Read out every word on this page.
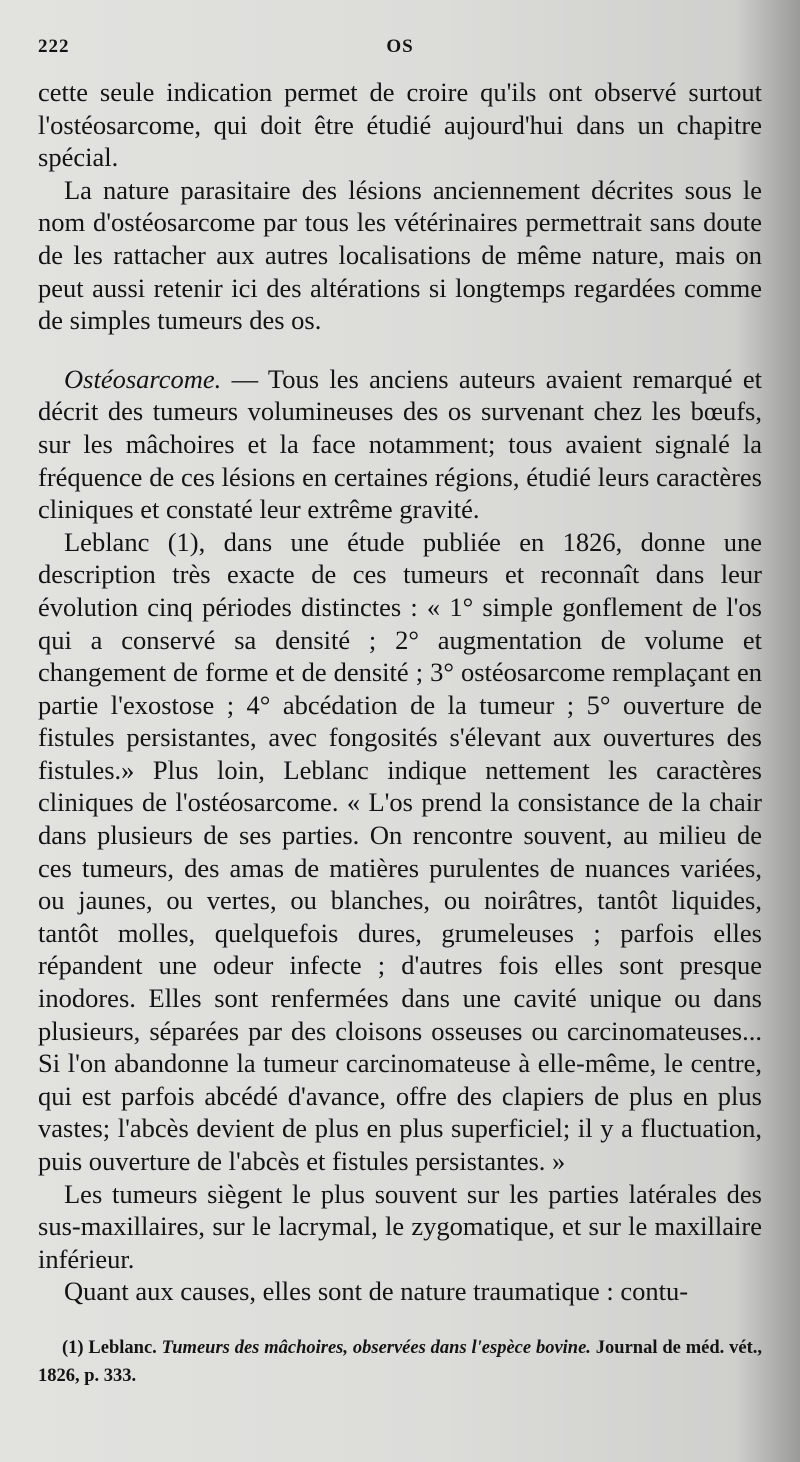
222	OS

cette seule indication permet de croire qu'ils ont observé surtout l'ostéosarcome, qui doit être étudié aujourd'hui dans un chapitre spécial.

La nature parasitaire des lésions anciennement décrites sous le nom d'ostéosarcome par tous les vétérinaires permettrait sans doute de les rattacher aux autres localisations de même nature, mais on peut aussi retenir ici des altérations si longtemps regardées comme de simples tumeurs des os.

Ostéosarcome. — Tous les anciens auteurs avaient remarqué et décrit des tumeurs volumineuses des os survenant chez les bœufs, sur les mâchoires et la face notamment; tous avaient signalé la fréquence de ces lésions en certaines régions, étudié leurs caractères cliniques et constaté leur extrême gravité.

Leblanc (1), dans une étude publiée en 1826, donne une description très exacte de ces tumeurs et reconnaît dans leur évolution cinq périodes distinctes : « 1° simple gonflement de l'os qui a conservé sa densité ; 2° augmentation de volume et changement de forme et de densité ; 3° ostéosarcome remplaçant en partie l'exostose ; 4° abcédation de la tumeur ; 5° ouverture de fistules persistantes, avec fongosités s'élevant aux ouvertures des fistules.» Plus loin, Leblanc indique nettement les caractères cliniques de l'ostéosarcome. « L'os prend la consistance de la chair dans plusieurs de ses parties. On rencontre souvent, au milieu de ces tumeurs, des amas de matières purulentes de nuances variées, ou jaunes, ou vertes, ou blanches, ou noirâtres, tantôt liquides, tantôt molles, quelquefois dures, grumeleuses ; parfois elles répandent une odeur infecte ; d'autres fois elles sont presque inodores. Elles sont renfermées dans une cavité unique ou dans plusieurs, séparées par des cloisons osseuses ou carcinomateuses... Si l'on abandonne la tumeur carcinomateuse à elle-même, le centre, qui est parfois abcédé d'avance, offre des clapiers de plus en plus vastes; l'abcès devient de plus en plus superficiel; il y a fluctuation, puis ouverture de l'abcès et fistules persistantes. »

Les tumeurs siègent le plus souvent sur les parties latérales des sus-maxillaires, sur le lacrymal, le zygomatique, et sur le maxillaire inférieur.

Quant aux causes, elles sont de nature traumatique : contu-

(1) Leblanc. Tumeurs des mâchoires, observées dans l'espèce bovine. Journal de méd. vét., 1826, p. 333.
